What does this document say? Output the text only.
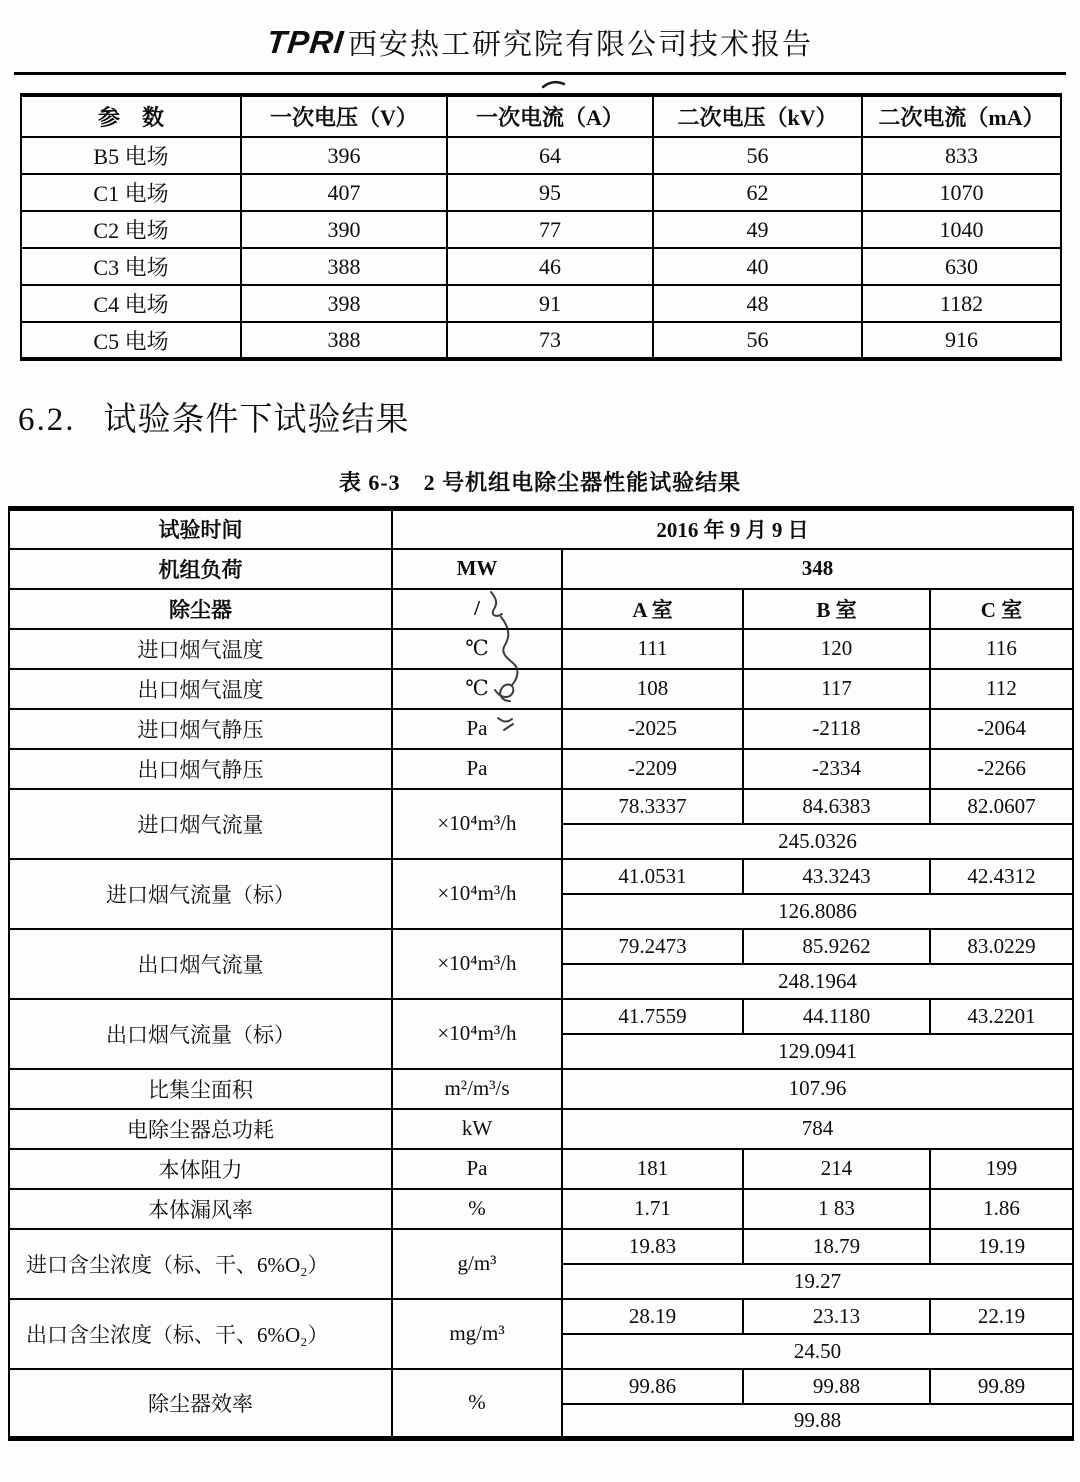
TPRI 西安热工研究院有限公司技术报告
参　数	一次电压（V）	一次电流（A）	二次电压（kV）	二次电流（mA）
B5 电场	396	64	56	833
C1 电场	407	95	62	1070
C2 电场	390	77	49	1040
C3 电场	388	46	40	630
C4 电场	398	91	48	1182
C5 电场	388	73	56	916
6.2. 试验条件下试验结果
表 6-3　2 号机组电除尘器性能试验结果
试验时间	2016 年 9 月 9 日			
机组负荷	MW	348		
除尘器	/	A 室	B 室	C 室
进口烟气温度	℃	111	120	116
出口烟气温度	℃	108	117	112
进口烟气静压	Pa	-2025	-2118	-2064
出口烟气静压	Pa	-2209	-2334	-2266
进口烟气流量	×10⁴m³/h	78.3337	84.6383	82.0607
		245.0326		
进口烟气流量（标）	×10⁴m³/h	41.0531	43.3243	42.4312
		126.8086		
出口烟气流量	×10⁴m³/h	79.2473	85.9262	83.0229
		248.1964		
出口烟气流量（标）	×10⁴m³/h	41.7559	44.1180	43.2201
		129.0941		
比集尘面积	m²/m³/s	107.96		
电除尘器总功耗	kW	784		
本体阻力	Pa	181	214	199
本体漏风率	%	1.71	1 83	1.86
进口含尘浓度（标、干、6%O₂）	g/m³	19.83	18.79	19.19
		19.27		
出口含尘浓度（标、干、6%O₂）	mg/m³	28.19	23.13	22.19
		24.50		
除尘器效率	%	99.86	99.88	99.89
		99.88		
